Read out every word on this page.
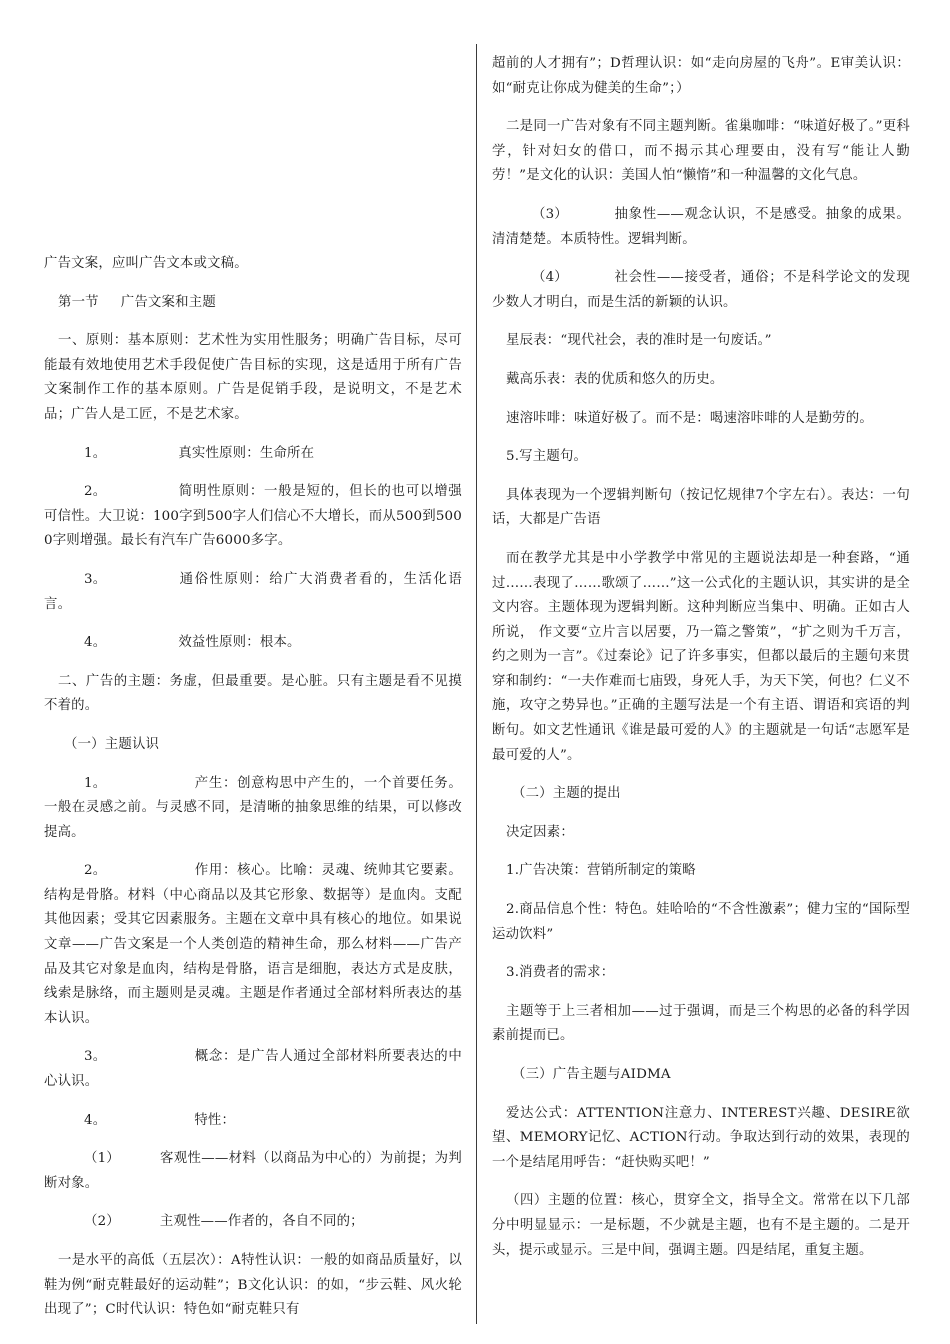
广告文案，应叫广告文本或文稿。

第一节 广告文案和主题

一、原则：基本原则：艺术性为实用性服务；明确广告目标，尽可能最有效地使用艺术手段促使广告目标的实现，这是适用于所有广告文案制作工作的基本原则。广告是促销手段，是说明文，不是艺术品；广告人是工匠，不是艺术家。

1。	真实性原则：生命所在

2。	简明性原则：一般是短的，但长的也可以增强可信性。大卫说：100字到500字人们信心不大增长，而从500到5000字则增强。最长有汽车广告6000多字。

3。	通俗性原则：给广大消费者看的，生活化语言。

4。	效益性原则：根本。

二、广告的主题：务虚，但最重要。是心脏。只有主题是看不见摸不着的。

（一）主题认识

1。	产生：创意构思中产生的，一个首要任务。一般在灵感之前。与灵感不同，是清晰的抽象思维的结果，可以修改提高。

2。	作用：核心。比喻：灵魂、统帅其它要素。结构是骨胳。材料（中心商品以及其它形象、数据等）是血肉。支配其他因素；受其它因素服务。主题在文章中具有核心的地位。如果说文章——广告文案是一个人类创造的精神生命，那么材料——广告产品及其它对象是血肉，结构是骨胳，语言是细胞，表达方式是皮肤，线索是脉络，而主题则是灵魂。主题是作者通过全部材料所表达的基本认识。

3。	概念：是广告人通过全部材料所要表达的中心认识。

4。	特性：

（1）	客观性——材料（以商品为中心的）为前提；为判断对象。

（2）	主观性——作者的，各自不同的；

一是水平的高低（五层次）：A特性认识：一般的如商品质量好，以鞋为例“耐克鞋最好的运动鞋”；B文化认识：的如，“步云鞋、风火轮出现了”；C时代认识：特色如“耐克鞋只有

超前的人才拥有”；D哲理认识：如“走向房屋的飞舟”。E审美认识：如“耐克让你成为健美的生命”；）

二是同一广告对象有不同主题判断。雀巢咖啡：“味道好极了。”更科学，针对妇女的借口，而不揭示其心理要由，没有写“能让人勤劳！”是文化的认识：美国人怕“懒惰”和一种温馨的文化气息。

（3）	抽象性——观念认识，不是感受。抽象的成果。清清楚楚。本质特性。逻辑判断。

（4）	社会性——接受者，通俗；不是科学论文的发现少数人才明白，而是生活的新颖的认识。

星辰表：“现代社会，表的准时是一句废话。”

戴高乐表：表的优质和悠久的历史。

速溶咔啡：味道好极了。而不是：喝速溶咔啡的人是勤劳的。

5.写主题句。

具体表现为一个逻辑判断句（按记忆规律7个字左右）。表达：一句话，大都是广告语

而在教学尤其是中小学教学中常见的主题说法却是一种套路，“通过……表现了……歌颂了……”这一公式化的主题认识，其实讲的是全文内容。主题体现为逻辑判断。这种判断应当集中、明确。正如古人所说， 作文要“立片言以居要，乃一篇之警策”，“扩之则为千万言，约之则为一言”。《过秦论》记了许多事实，但都以最后的主题句来贯穿和制约：“一夫作难而七庙毁，身死人手，为天下笑，何也？仁义不施，攻守之势异也。”正确的主题写法是一个有主语、谓语和宾语的判断句。如文艺性通讯《谁是最可爱的人》的主题就是一句话“志愿军是最可爱的人”。

（二）主题的提出

决定因素：

1.广告决策：营销所制定的策略

2.商品信息个性：特色。娃哈哈的“不含性激素”；健力宝的“国际型运动饮料”

3.消费者的需求：

主题等于上三者相加——过于强调，而是三个构思的必备的科学因素前提而已。

（三）广告主题与AIDMA

爱达公式：ATTENTION注意力、INTEREST兴趣、DESIRE欲望、MEMORY记忆、ACTION行动。争取达到行动的效果，表现的一个是结尾用呼告：“赶快购买吧！”

（四）主题的位置：核心，贯穿全文，指导全文。常常在以下几部分中明显显示：一是标题，不少就是主题，也有不是主题的。二是开头，提示或显示。三是中间，强调主题。四是结尾，重复主题。
